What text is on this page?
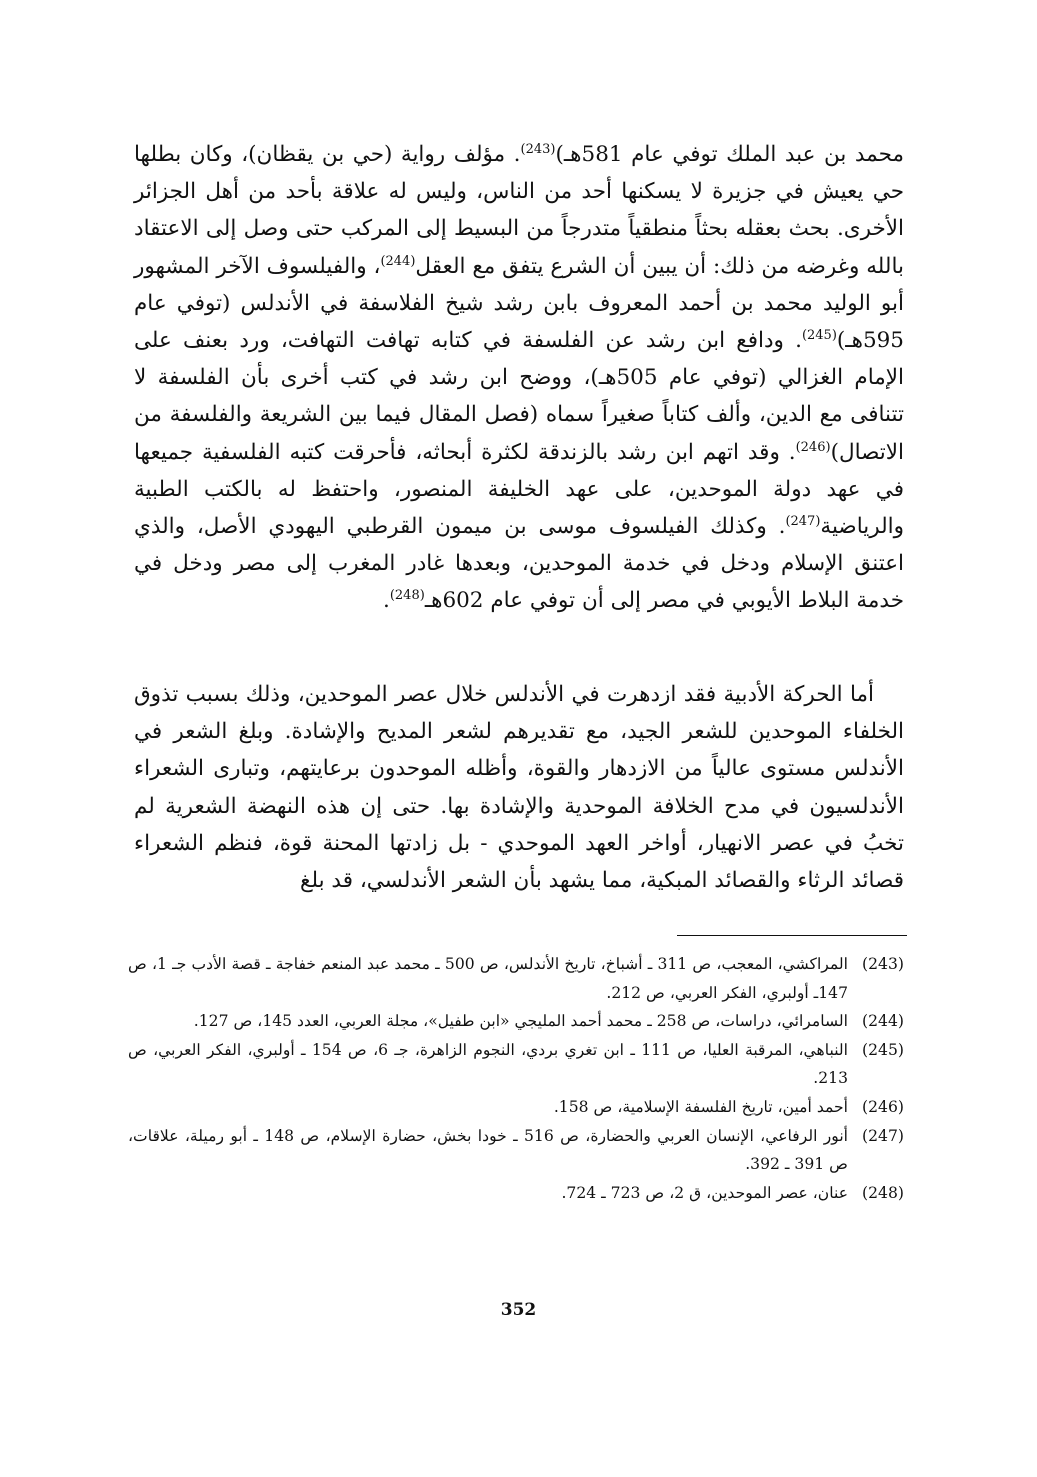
محمد بن عبد الملك توفي عام 581هـ)$^{(243)}$. مؤلف رواية (حي بن يقظان)، وكان بطلها حي يعيش في جزيرة لا يسكنها أحد من الناس، وليس له علاقة بأحد من أهل الجزائر الأخرى. بحث بعقله بحثاً منطقياً متدرجاً من البسيط إلى المركب حتى وصل إلى الاعتقاد بالله وغرضه من ذلك: أن يبين أن الشرع يتفق مع العقل$^{(244)}$، والفيلسوف الآخر المشهور أبو الوليد محمد بن أحمد المعروف بابن رشد شيخ الفلاسفة في الأندلس (توفي عام 595هـ)$^{(245)}$. ودافع ابن رشد عن الفلسفة في كتابه تهافت التهافت، ورد بعنف على الإمام الغزالي (توفي عام 505هـ)، ووضح ابن رشد في كتب أخرى بأن الفلسفة لا تتنافى مع الدين، وألف كتاباً صغيراً سماه (فصل المقال فيما بين الشريعة والفلسفة من الاتصال)$^{(246)}$. وقد اتهم ابن رشد بالزندقة لكثرة أبحاثه، فأحرقت كتبه الفلسفية جميعها في عهد دولة الموحدين، على عهد الخليفة المنصور، واحتفظ له بالكتب الطبية والرياضية$^{(247)}$. وكذلك الفيلسوف موسى بن ميمون القرطبي اليهودي الأصل، والذي اعتنق الإسلام ودخل في خدمة الموحدين، وبعدها غادر المغرب إلى مصر ودخل في خدمة البلاط الأيوبي في مصر إلى أن توفي عام 602هـ$^{(248)}$.

أما الحركة الأدبية فقد ازدهرت في الأندلس خلال عصر الموحدين، وذلك بسبب تذوق الخلفاء الموحدين للشعر الجيد، مع تقديرهم لشعر المديح والإشادة. وبلغ الشعر في الأندلس مستوى عالياً من الازدهار والقوة، وأظله الموحدون برعايتهم، وتبارى الشعراء الأندلسيون في مدح الخلافة الموحدية والإشادة بها. حتى إن هذه النهضة الشعرية لم تخبُ في عصر الانهيار، أواخر العهد الموحدي - بل زادتها المحنة قوة، فنظم الشعراء قصائد الرثاء والقصائد المبكية، مما يشهد بأن الشعر الأندلسي، قد بلغ

(243)
المراكشي، المعجب، ص 311 ـ أشباخ، تاريخ الأندلس، ص 500 ـ محمد عبد المنعم خفاجة ـ قصة الأدب جـ 1، ص 147ـ أولبري، الفكر العربي، ص 212.
(244)
السامرائي، دراسات، ص 258 ـ محمد أحمد المليجي «ابن طفيل»، مجلة العربي، العدد 145، ص 127.
(245)
النباهي، المرقبة العليا، ص 111 ـ ابن تغري بردي، النجوم الزاهرة، جـ 6، ص 154 ـ أولبري، الفكر العربي، ص 213.
(246)
أحمد أمين، تاريخ الفلسفة الإسلامية، ص 158.
(247)
أنور الرفاعي، الإنسان العربي والحضارة، ص 516 ـ خودا بخش، حضارة الإسلام، ص 148 ـ أبو رميلة، علاقات، ص 391 ـ 392.
(248)
عنان، عصر الموحدين، ق 2، ص 723 ـ 724.
352
